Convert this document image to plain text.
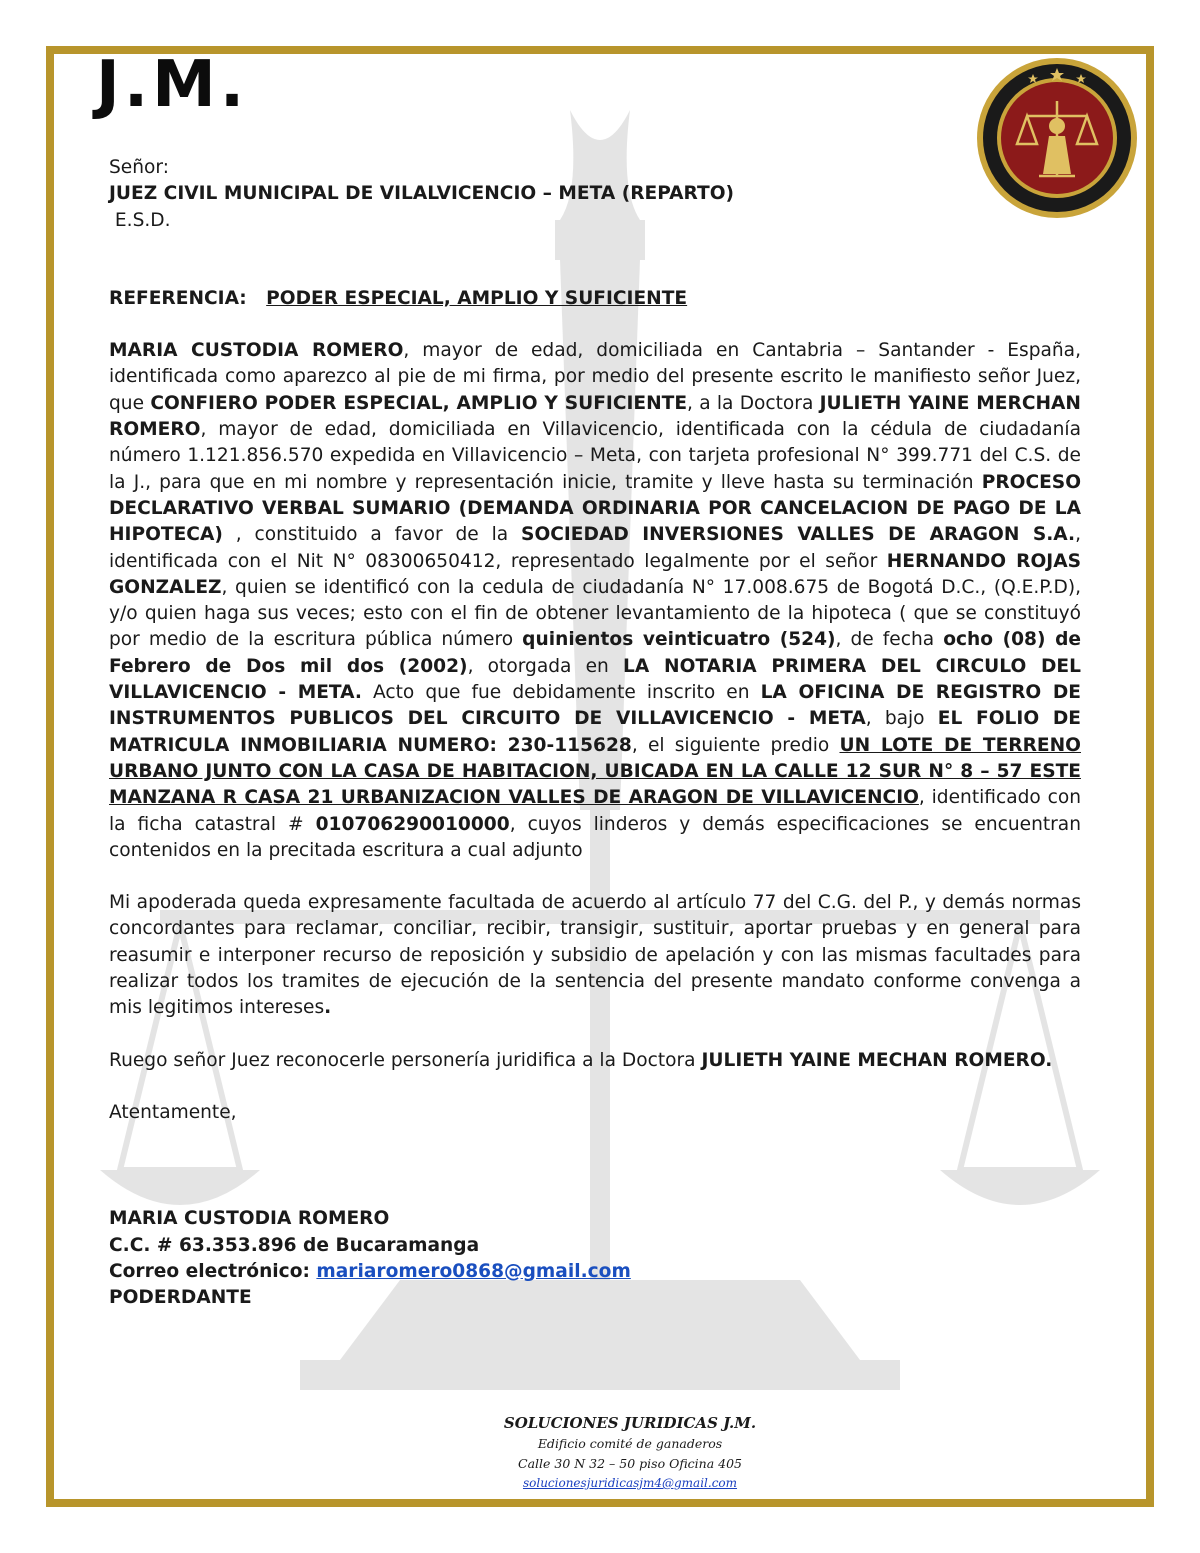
J.M.

Señor:

JUEZ CIVIL MUNICIPAL DE VILALVICENCIO – META (REPARTO)

E.S.D.

REFERENCIA: PODER ESPECIAL, AMPLIO Y SUFICIENTE

MARIA CUSTODIA ROMERO, mayor de edad, domiciliada en Cantabria – Santander - España, identificada como aparezco al pie de mi firma, por medio del presente escrito le manifiesto señor Juez, que CONFIERO PODER ESPECIAL, AMPLIO Y SUFICIENTE, a la Doctora JULIETH YAINE MERCHAN ROMERO, mayor de edad, domiciliada en Villavicencio, identificada con la cédula de ciudadanía número 1.121.856.570 expedida en Villavicencio – Meta, con tarjeta profesional N° 399.771 del C.S. de la J., para que en mi nombre y representación inicie, tramite y lleve hasta su terminación PROCESO DECLARATIVO VERBAL SUMARIO (DEMANDA ORDINARIA POR CANCELACION DE PAGO DE LA HIPOTECA) , constituido a favor de la SOCIEDAD INVERSIONES VALLES DE ARAGON S.A., identificada con el Nit N° 08300650412, representado legalmente por el señor HERNANDO ROJAS GONZALEZ, quien se identificó con la cedula de ciudadanía N° 17.008.675 de Bogotá D.C., (Q.E.P.D), y/o quien haga sus veces; esto con el fin de obtener levantamiento de la hipoteca ( que se constituyó por medio de la escritura pública número quinientos veinticuatro (524), de fecha ocho (08) de Febrero de Dos mil dos (2002), otorgada en LA NOTARIA PRIMERA DEL CIRCULO DEL VILLAVICENCIO - META. Acto que fue debidamente inscrito en LA OFICINA DE REGISTRO DE INSTRUMENTOS PUBLICOS DEL CIRCUITO DE VILLAVICENCIO - META, bajo EL FOLIO DE MATRICULA INMOBILIARIA NUMERO: 230-115628, el siguiente predio UN LOTE DE TERRENO URBANO JUNTO CON LA CASA DE HABITACION, UBICADA EN LA CALLE 12 SUR N° 8 – 57 ESTE MANZANA R CASA 21 URBANIZACION VALLES DE ARAGON DE VILLAVICENCIO, identificado con la ficha catastral # 010706290010000, cuyos linderos y demás especificaciones se encuentran contenidos en la precitada escritura a cual adjunto

Mi apoderada queda expresamente facultada de acuerdo al artículo 77 del C.G. del P., y demás normas concordantes para reclamar, conciliar, recibir, transigir, sustituir, aportar pruebas y en general para reasumir e interponer recurso de reposición y subsidio de apelación y con las mismas facultades para realizar todos los tramites de ejecución de la sentencia del presente mandato conforme convenga a mis legitimos intereses.

Ruego señor Juez reconocerle personería juridifica a la Doctora JULIETH YAINE MECHAN ROMERO.

Atentamente,

MARIA CUSTODIA ROMERO

C.C. # 63.353.896 de Bucaramanga

Correo electrónico: mariaromero0868@gmail.com

PODERDANTE

SOLUCIONES JURIDICAS J.M.
Edificio comité de ganaderos
Calle 30 N 32 – 50 piso Oficina 405
solucionesjuridicasjm4@gmail.com
